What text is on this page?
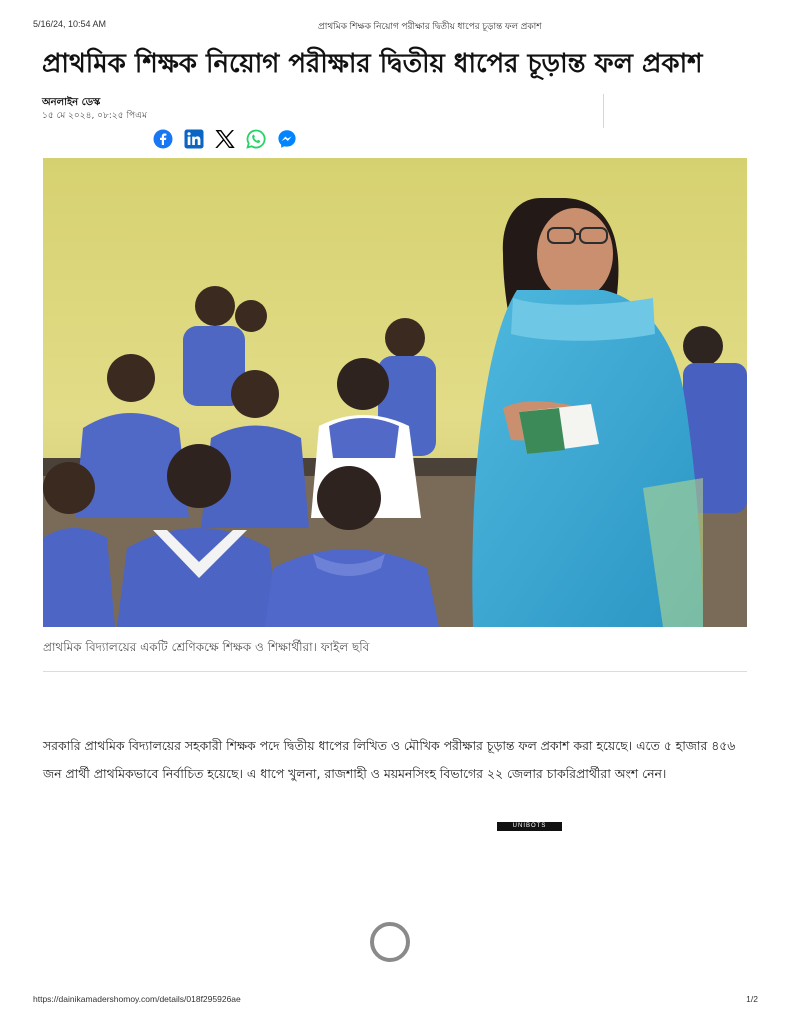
5/16/24, 10:54 AM	প্রাথমিক শিক্ষক নিয়োগ পরীক্ষার দ্বিতীয় ধাপের চূড়ান্ত ফল প্রকাশ
প্রাথমিক শিক্ষক নিয়োগ পরীক্ষার দ্বিতীয় ধাপের চূড়ান্ত ফল প্রকাশ
অনলাইন ডেস্ক
১৫ মে ২০২৪, ০৮:২৫ পিএম
প্রাথমিক বিদ্যালয়ের একটি শ্রেণিকক্ষে শিক্ষক ও শিক্ষার্থীরা। ফাইল ছবি

সরকারি প্রাথমিক বিদ্যালয়ের সহকারী শিক্ষক পদে দ্বিতীয় ধাপের লিখিত ও মৌখিক পরীক্ষার চূড়ান্ত ফল প্রকাশ করা হয়েছে। এতে ৫ হাজার ৪৫৬ জন প্রার্থী প্রাথমিকভাবে নির্বাচিত হয়েছে। এ ধাপে খুলনা, রাজশাহী ও ময়মনসিংহ বিভাগের ২২ জেলার চাকরিপ্রার্থীরা অংশ নেন।

UNIBOTS
https://dainikamadershomoy.com/details/018f295926ae	1/2
